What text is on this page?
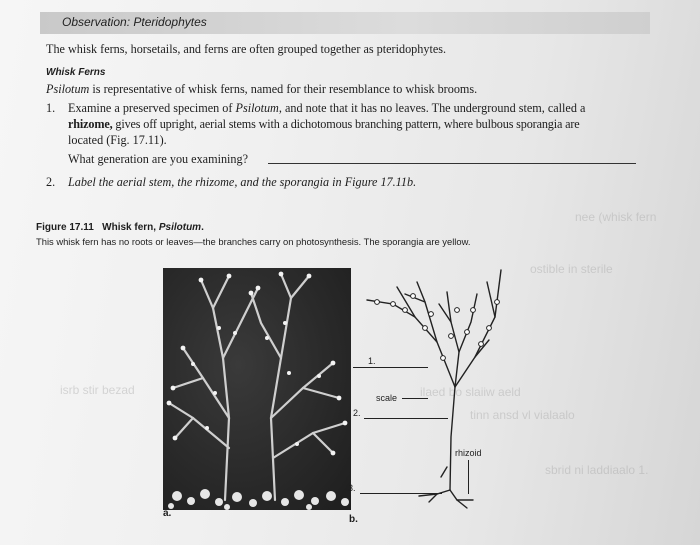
nee (whisk fern
ostible in sterile
isrb stir bezad	ilaed bo slaiiw aeld
tinn ansd vl vialaalo
sbrid ni laddiaalo 1.
Observation: Pteridophytes
The whisk ferns, horsetails, and ferns are often grouped together as pteridophytes.
Whisk Ferns
Psilotum is representative of whisk ferns, named for their resemblance to whisk brooms.
1. Examine a preserved specimen of Psilotum, and note that it has no leaves. The underground stem, called a
rhizome, gives off upright, aerial stems with a dichotomous branching pattern, where bulbous sporangia are
located (Fig. 17.11).
What generation are you examining?
2. Label the aerial stem, the rhizome, and the sporangia in Figure 17.11b.
Figure 17.11 Whisk fern, Psilotum.
This whisk fern has no roots or leaves—the branches carry on photosynthesis. The sporangia are yellow.
a.
1.
scale
2.
rhizoid
3.
b.
